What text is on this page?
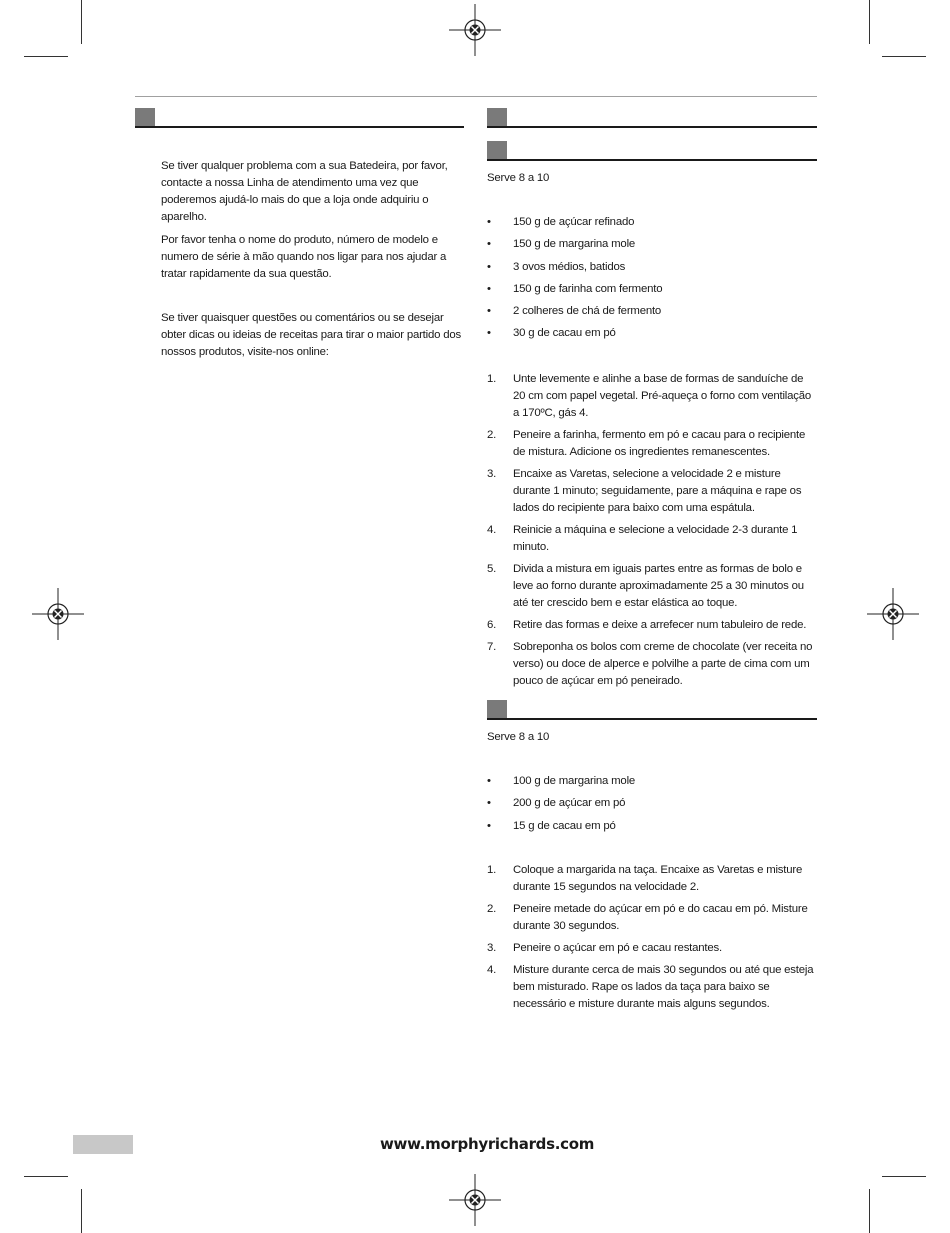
Se tiver qualquer problema com a sua Batedeira, por favor, contacte a nossa Linha de atendimento uma vez que poderemos ajudá-lo mais do que a loja onde adquiriu o aparelho.

Por favor tenha o nome do produto, número de modelo e numero de série à mão quando nos ligar para nos ajudar a tratar rapidamente da sua questão.

Se tiver quaisquer questões ou comentários ou se desejar obter dicas ou ideias de receitas para tirar o maior partido dos nossos produtos, visite-nos online:

Serve 8 a 10
• 150 g de açúcar refinado
• 150 g de margarina mole
• 3 ovos médios, batidos
• 150 g de farinha com fermento
• 2 colheres de chá de fermento
• 30 g de cacau em pó
1. Unte levemente e alinhe a base de formas de sanduíche de 20 cm com papel vegetal. Pré-aqueça o forno com ventilação a 170ºC, gás 4.
2. Peneire a farinha, fermento em pó e cacau para o recipiente de mistura. Adicione os ingredientes remanescentes.
3. Encaixe as Varetas, selecione a velocidade 2 e misture durante 1 minuto; seguidamente, pare a máquina e rape os lados do recipiente para baixo com uma espátula.
4. Reinicie a máquina e selecione a velocidade 2-3 durante 1 minuto.
5. Divida a mistura em iguais partes entre as formas de bolo e leve ao forno durante aproximadamente 25 a 30 minutos ou até ter crescido bem e estar elástica ao toque.
6. Retire das formas e deixe a arrefecer num tabuleiro de rede.
7. Sobreponha os bolos com creme de chocolate (ver receita no verso) ou doce de alperce e polvilhe a parte de cima com um pouco de açúcar em pó peneirado.
Serve 8 a 10
• 100 g de margarina mole
• 200 g de açúcar em pó
• 15 g de cacau em pó
1. Coloque a margarida na taça. Encaixe as Varetas e misture durante 15 segundos na velocidade 2.
2. Peneire metade do açúcar em pó e do cacau em pó. Misture durante 30 segundos.
3. Peneire o açúcar em pó e cacau restantes.
4. Misture durante cerca de mais 30 segundos ou até que esteja bem misturado. Rape os lados da taça para baixo se necessário e misture durante mais alguns segundos.
www.morphyrichards.com
